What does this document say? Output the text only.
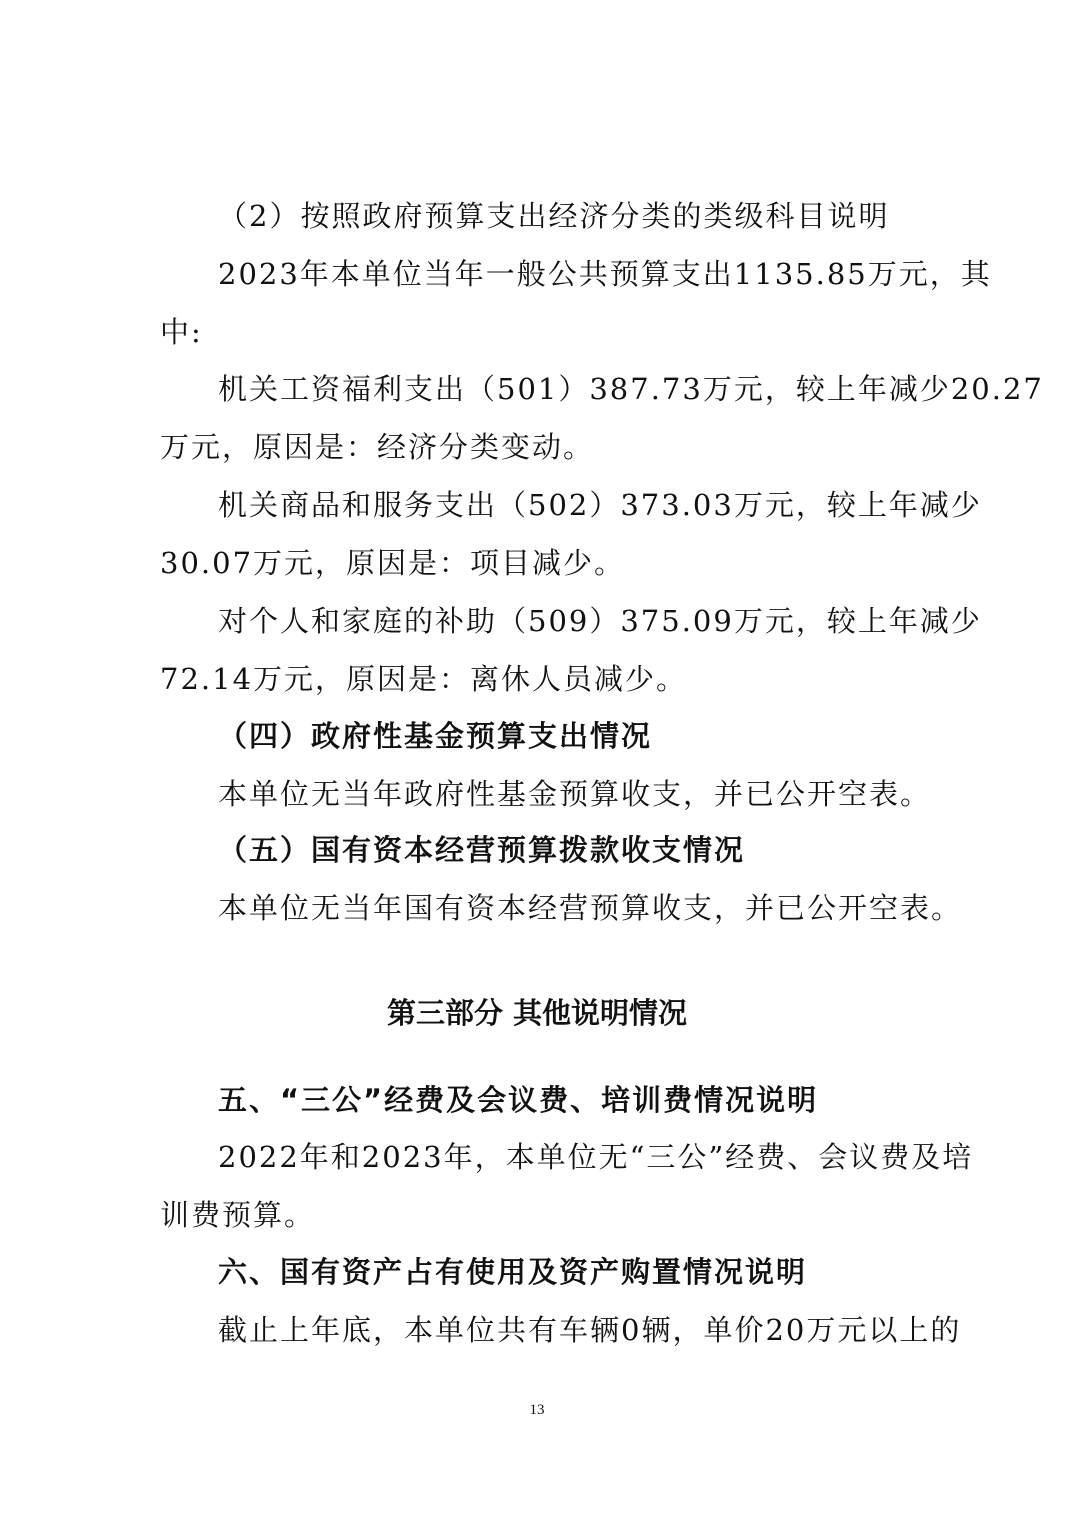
（2）按照政府预算支出经济分类的类级科目说明
2023年本单位当年一般公共预算支出1135.85万元，其
中:
机关工资福利支出（501）387.73万元，较上年减少20.27
万元，原因是：经济分类变动。
机关商品和服务支出（502）373.03万元，较上年减少
30.07万元，原因是：项目减少。
对个人和家庭的补助（509）375.09万元，较上年减少
72.14万元，原因是：离休人员减少。
（四）政府性基金预算支出情况
本单位无当年政府性基金预算收支，并已公开空表。
（五）国有资本经营预算拨款收支情况
本单位无当年国有资本经营预算收支，并已公开空表。
第三部分 其他说明情况
五、“三公”经费及会议费、培训费情况说明
2022年和2023年，本单位无“三公”经费、会议费及培
训费预算。
六、国有资产占有使用及资产购置情况说明
截止上年底，本单位共有车辆0辆，单价20万元以上的
13
